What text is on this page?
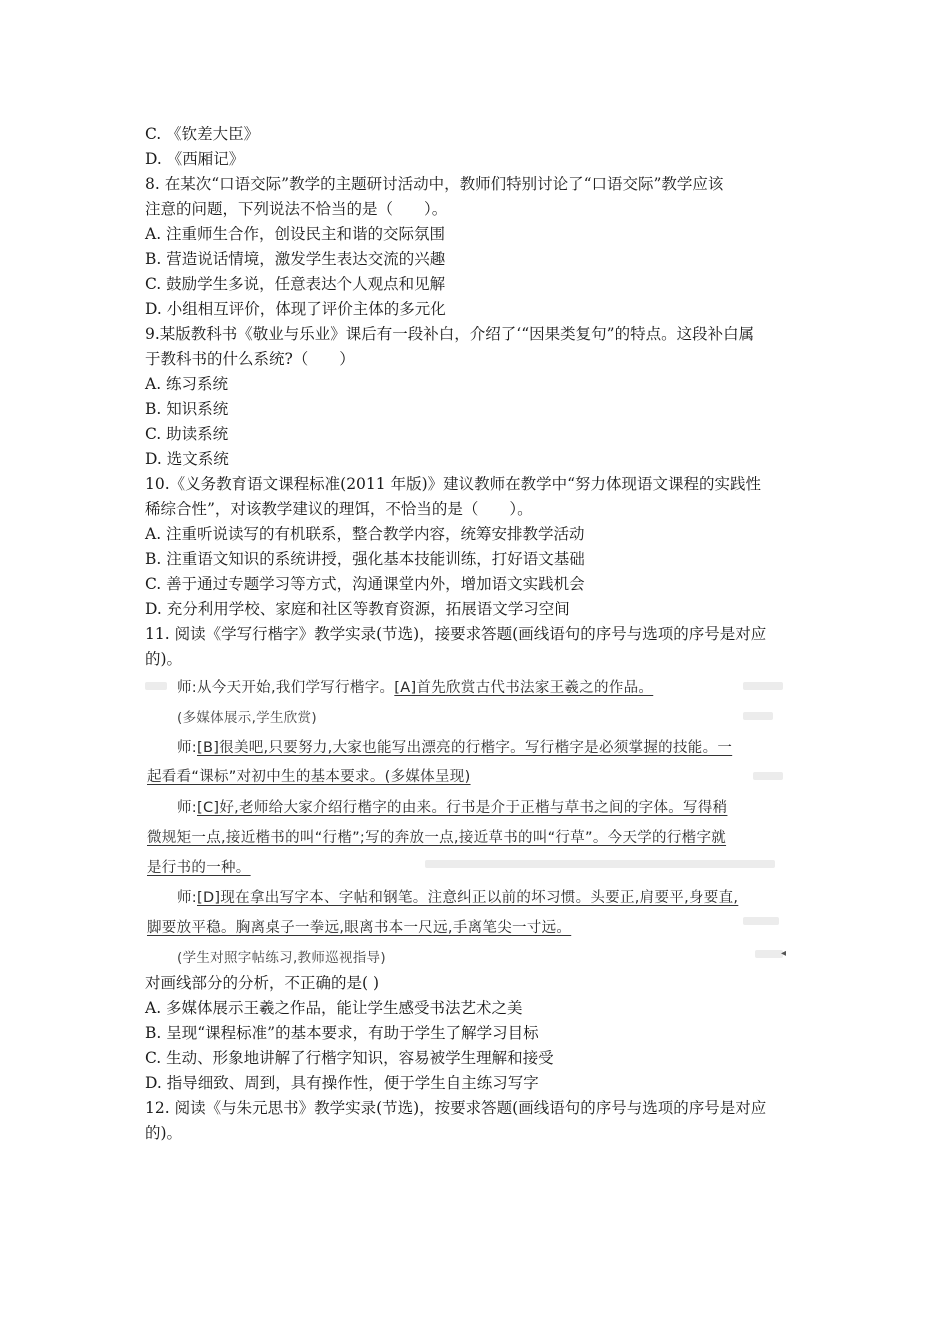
C. 《钦差大臣》
D. 《西厢记》
8. 在某次“口语交际”教学的主题研讨活动中，教师们特别讨论了“口语交际”教学应该
注意的问题，下列说法不恰当的是（　　）。
A. 注重师生合作，创设民主和谐的交际氛围
B. 营造说话情境，激发学生表达交流的兴趣
C. 鼓励学生多说，任意表达个人观点和见解
D. 小组相互评价，体现了评价主体的多元化
9.某版教科书《敬业与乐业》课后有一段补白，介绍了‘“因果类复句”的特点。这段补白属
于教科书的什么系统?（　　）
A. 练习系统
B. 知识系统
C. 助读系统
D. 选文系统
10.《义务教育语文课程标准(2011 年版)》建议教师在教学中“努力体现语文课程的实践性
稀综合性”，对该教学建议的理饵，不恰当的是（　　）。
A. 注重听说读写的有机联系，整合教学内容，统筹安排教学活动
B. 注重语文知识的系统讲授，强化基本技能训练，打好语文基础
C. 善于通过专题学习等方式，沟通课堂内外，增加语文实践机会
D. 充分利用学校、家庭和社区等教育资源，拓展语文学习空间
11. 阅读《学写行楷字》教学实录(节选)，接要求答题(画线语句的序号与选项的序号是对应
的)。
◂
师:从今天开始,我们学写行楷字。[A]首先欣赏古代书法家王羲之的作品。
(多媒体展示,学生欣赏)
师:[B]很美吧,只要努力,大家也能写出漂亮的行楷字。写行楷字是必须掌握的技能。一
起看看“课标”对初中生的基本要求。(多媒体呈现)
师:[C]好,老师给大家介绍行楷字的由来。行书是介于正楷与草书之间的字体。写得稍
微规矩一点,接近楷书的叫“行楷”;写的奔放一点,接近草书的叫“行草”。今天学的行楷字就
是行书的一种。
师:[D]现在拿出写字本、字帖和钢笔。注意纠正以前的坏习惯。头要正,肩要平,身要直,
脚要放平稳。胸离桌子一拳远,眼离书本一尺远,手离笔尖一寸远。
(学生对照字帖练习,教师巡视指导)
对画线部分的分析，不正确的是( )
A. 多媒体展示王羲之作品，能让学生感受书法艺术之美
B. 呈现“课程标准”的基本要求，有助于学生了解学习目标
C. 生动、形象地讲解了行楷字知识，容易被学生理解和接受
D. 指导细致、周到，具有操作性，便于学生自主练习写字
12. 阅读《与朱元思书》教学实录(节选)，按要求答题(画线语句的序号与选项的序号是对应
的)。
